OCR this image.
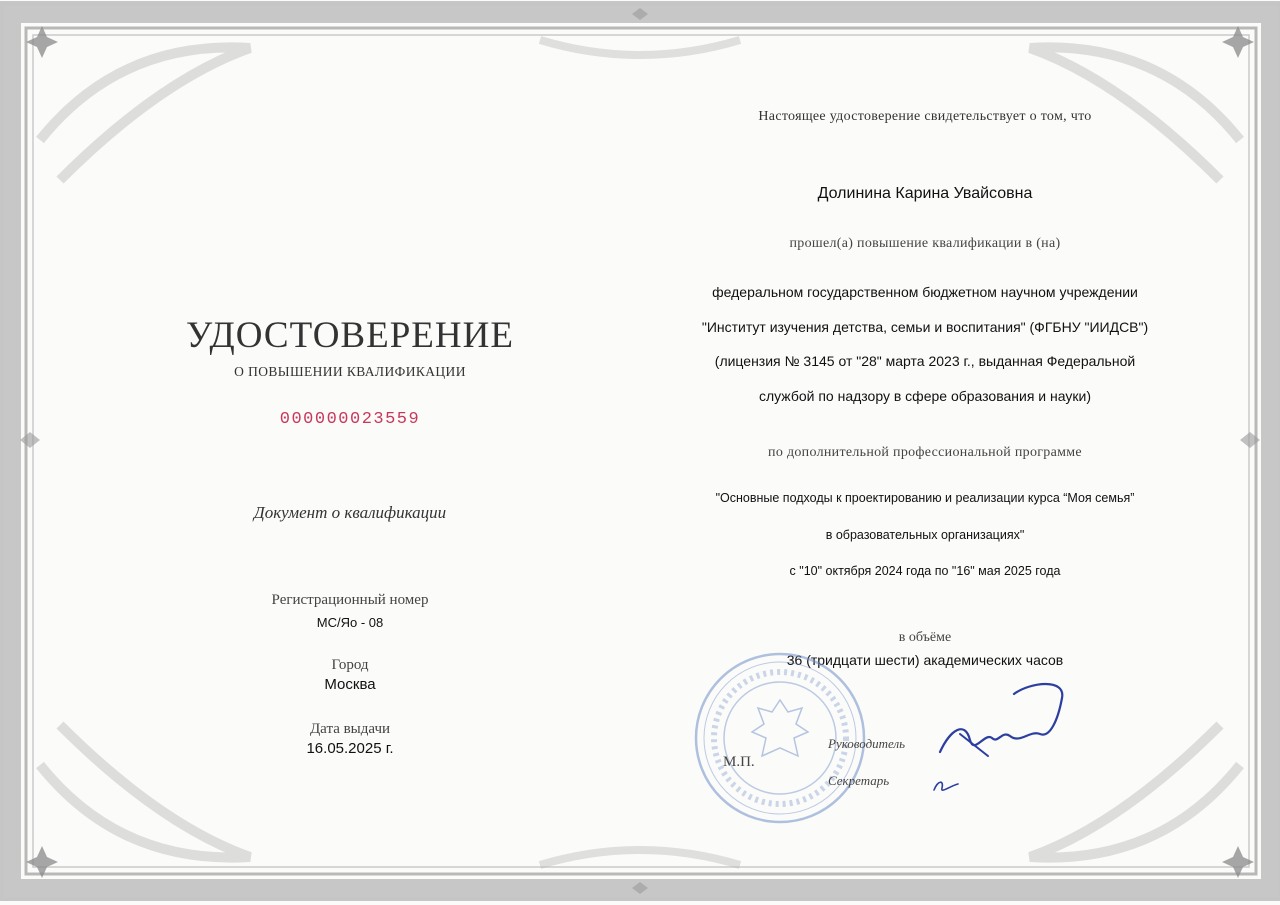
УДОСТОВЕРЕНИЕ
О ПОВЫШЕНИИ КВАЛИФИКАЦИИ
000000023559
Документ о квалификации
Регистрационный номер
МС/Яо - 08
Город
Москва
Дата выдачи
16.05.2025 г.
Настоящее удостоверение свидетельствует о том, что
Долинина Карина Увайсовна
прошел(а) повышение квалификации в (на)
федеральном государственном бюджетном научном учреждении
"Институт изучения детства, семьи и воспитания" (ФГБНУ "ИИДСВ")
(лицензия № 3145 от "28" марта 2023 г., выданная Федеральной
службой по надзору в сфере образования и науки)
по дополнительной профессиональной программе
"Основные подходы к проектированию и реализации курса “Моя семья”
в образовательных организациях"
с "10" октября 2024 года по "16" мая 2025 года
в объёме
36 (тридцати шести) академических часов
М.П.
Руководитель
Секретарь
